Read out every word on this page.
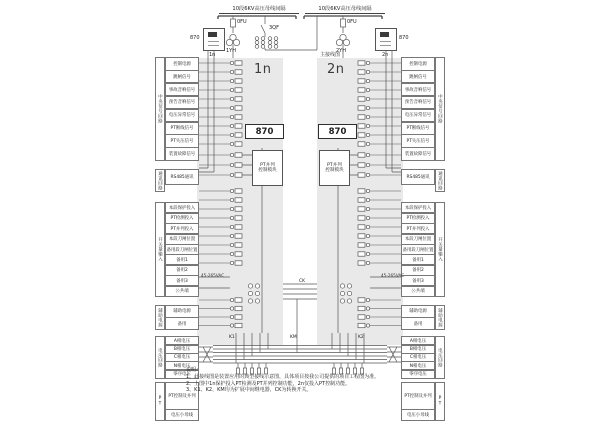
10段6KV高压母线间隔	10段6KV高压母线间隔
0FU	0FU
3QF
1YH	2YH
主接线图
870	870
1n	2n
1n	2n
870	870
PT并列
控制模块
PT并列
控制模块
中央信号回路
控制电源
跳闸信号
事故音响信号
预告音响信号
电压异常信号
PT断线信号
PT失压信号
装置故障信号
通讯回路	RS485通讯
开关量输入
本段保护投入
PT检测投入
PT并列投入
本段刀闸位置
备用段刀闸位置
备用1
备用2
备用3
公共端
辅助电源	辅助电源
备用
电压回路
A相电压
B相电压
C相电压
N相电压
零序电压
PT	PT控制及并列
电压小母线
中央信号回路
控制电源
跳闸信号
事故音响信号
预告音响信号
电压异常信号
PT断线信号
PT失压信号
装置故障信号
通讯回路
RS485通讯
开关量输入
本段保护投入
PT检测投入
PT并列投入
本段刀闸位置
备用段刀闸位置
备用1
备用2
备用3
公共端
辅助电源
辅助电源
备用
电压回路
A相电压
B相电压
C相电压
N相电压
零序电压
PT
PT控制及并列
电压小母线
45-265VAC	45-265VAC
K1	KM	K2
CK
说明：
1、此接线图是装置应用的典型接线示意图，具体项目按我公司提供的项目工程图为准。
2、上图中1n保护投入PT检测及PT并列控制功能，2n仅投入PT控制功能。
3、K1、K2、KM均为扩展中间继电器，CK为转换开关。
